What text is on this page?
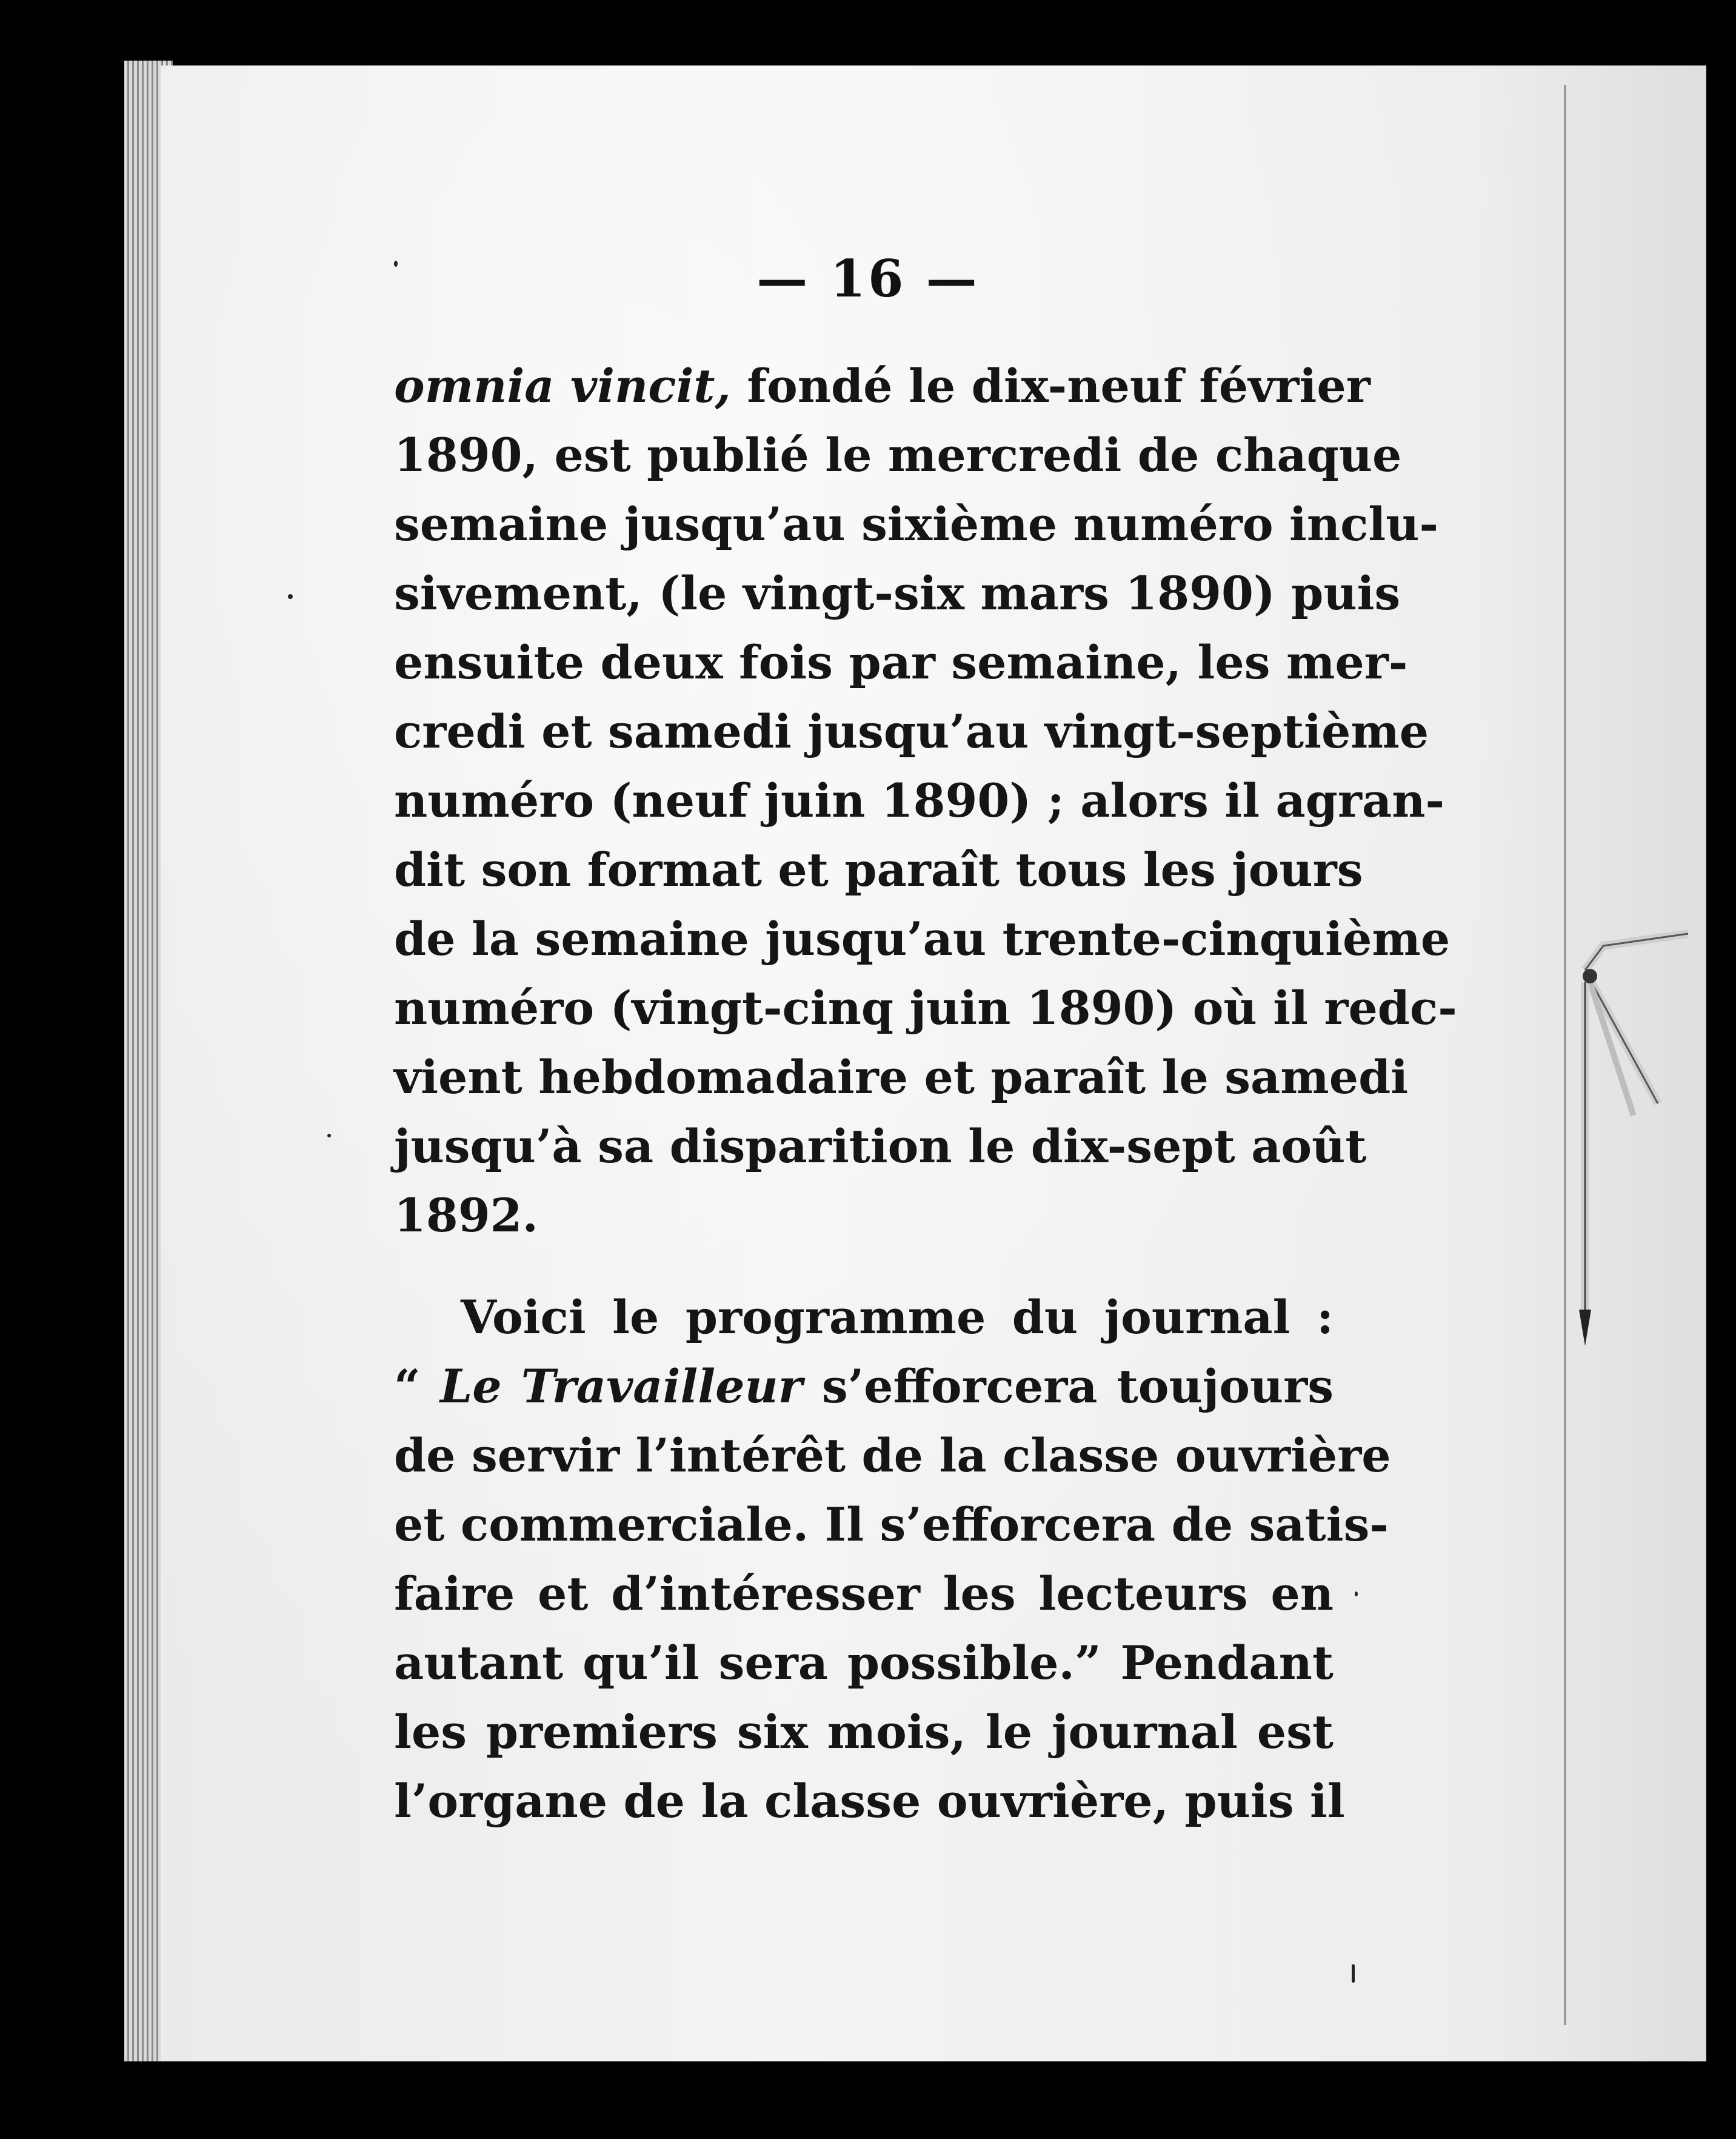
— 16 —
omnia vincit, fondé le dix-neuf février
1890, est publié le mercredi de chaque
semaine jusqu’au sixième numéro inclu-
sivement, (le vingt-six mars 1890) puis
ensuite deux fois par semaine, les mer-
credi et samedi jusqu’au vingt-septième
numéro (neuf juin 1890) ; alors il agran-
dit son format et paraît tous les jours
de la semaine jusqu’au trente-cinquième
numéro (vingt-cinq juin 1890) où il redc-
vient hebdomadaire et paraît le samedi
jusqu’à sa disparition le dix-sept août
1892.
Voici le programme du journal :
“ Le Travailleur s’efforcera toujours
de servir l’intérêt de la classe ouvrière
et commerciale. Il s’efforcera de satis-
faire et d’intéresser les lecteurs en
autant qu’il sera possible.” Pendant
les premiers six mois, le journal est
l’organe de la classe ouvrière, puis il
